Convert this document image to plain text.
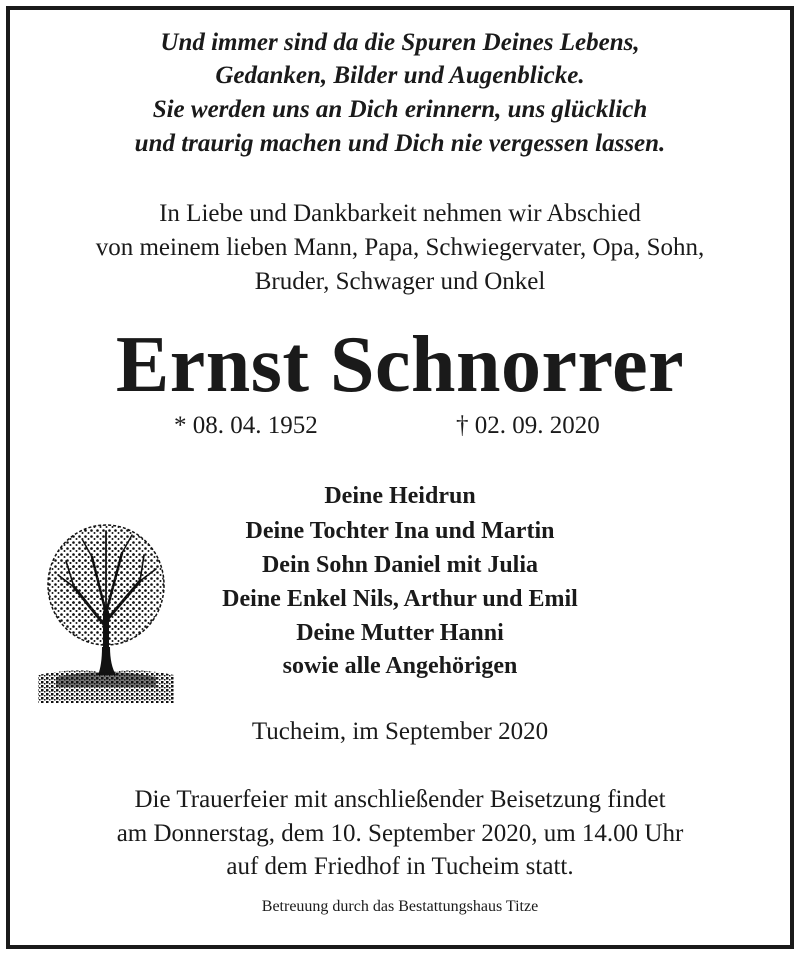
Und immer sind da die Spuren Deines Lebens,
Gedanken, Bilder und Augenblicke.
Sie werden uns an Dich erinnern, uns glücklich
und traurig machen und Dich nie vergessen lassen.
In Liebe und Dankbarkeit nehmen wir Abschied
von meinem lieben Mann, Papa, Schwiegervater, Opa, Sohn,
Bruder, Schwager und Onkel
Ernst Schnorrer
* 08. 04. 1952	† 02. 09. 2020
Deine Heidrun
Deine Tochter Ina und Martin
Dein Sohn Daniel mit Julia
Deine Enkel Nils, Arthur und Emil
Deine Mutter Hanni
sowie alle Angehörigen
Tucheim, im September 2020
Die Trauerfeier mit anschließender Beisetzung findet
am Donnerstag, dem 10. September 2020, um 14.00 Uhr
auf dem Friedhof in Tucheim statt.
Betreuung durch das Bestattungshaus Titze
